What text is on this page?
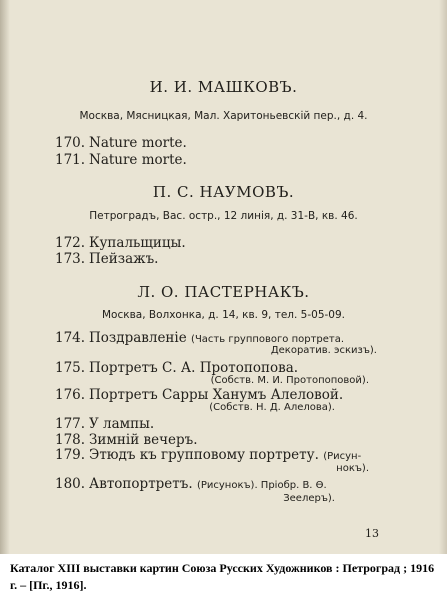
И. И. МАШКОВЪ.
Москва, Мясницкая, Мал. Харитоньевскій пер., д. 4.
170. Nature morte.
171. Nature morte.
П. С. НАУМОВЪ.
Петроградъ, Вас. остр., 12 линія, д. 31-В, кв. 46.
172. Купальщицы.
173. Пейзажъ.
Л. О. ПАСТЕРНАКЪ.
Москва, Волхонка, д. 14, кв. 9, тел. 5-05-09.
174. Поздравленіе (Часть группового портрета.
Декоратив. эскизъ).
175. Портретъ С. А. Протопопова.
(Собств. М. И. Протопоповой).
176. Портретъ Сарры Ханумъ Алеловой.
(Собств. Н. Д. Алелова).
177. У лампы.
178. Зимній вечеръ.
179. Этюдъ къ групповому портрету. (Рисун-
нокъ).
180. Автопортретъ. (Рисунокъ). Пріобр. В. Ѳ.
Зеелеръ).
13
Каталог XIII выставки картин Союза Русских Художников : Петроград ; 1916 г. – [Пг., 1916].
